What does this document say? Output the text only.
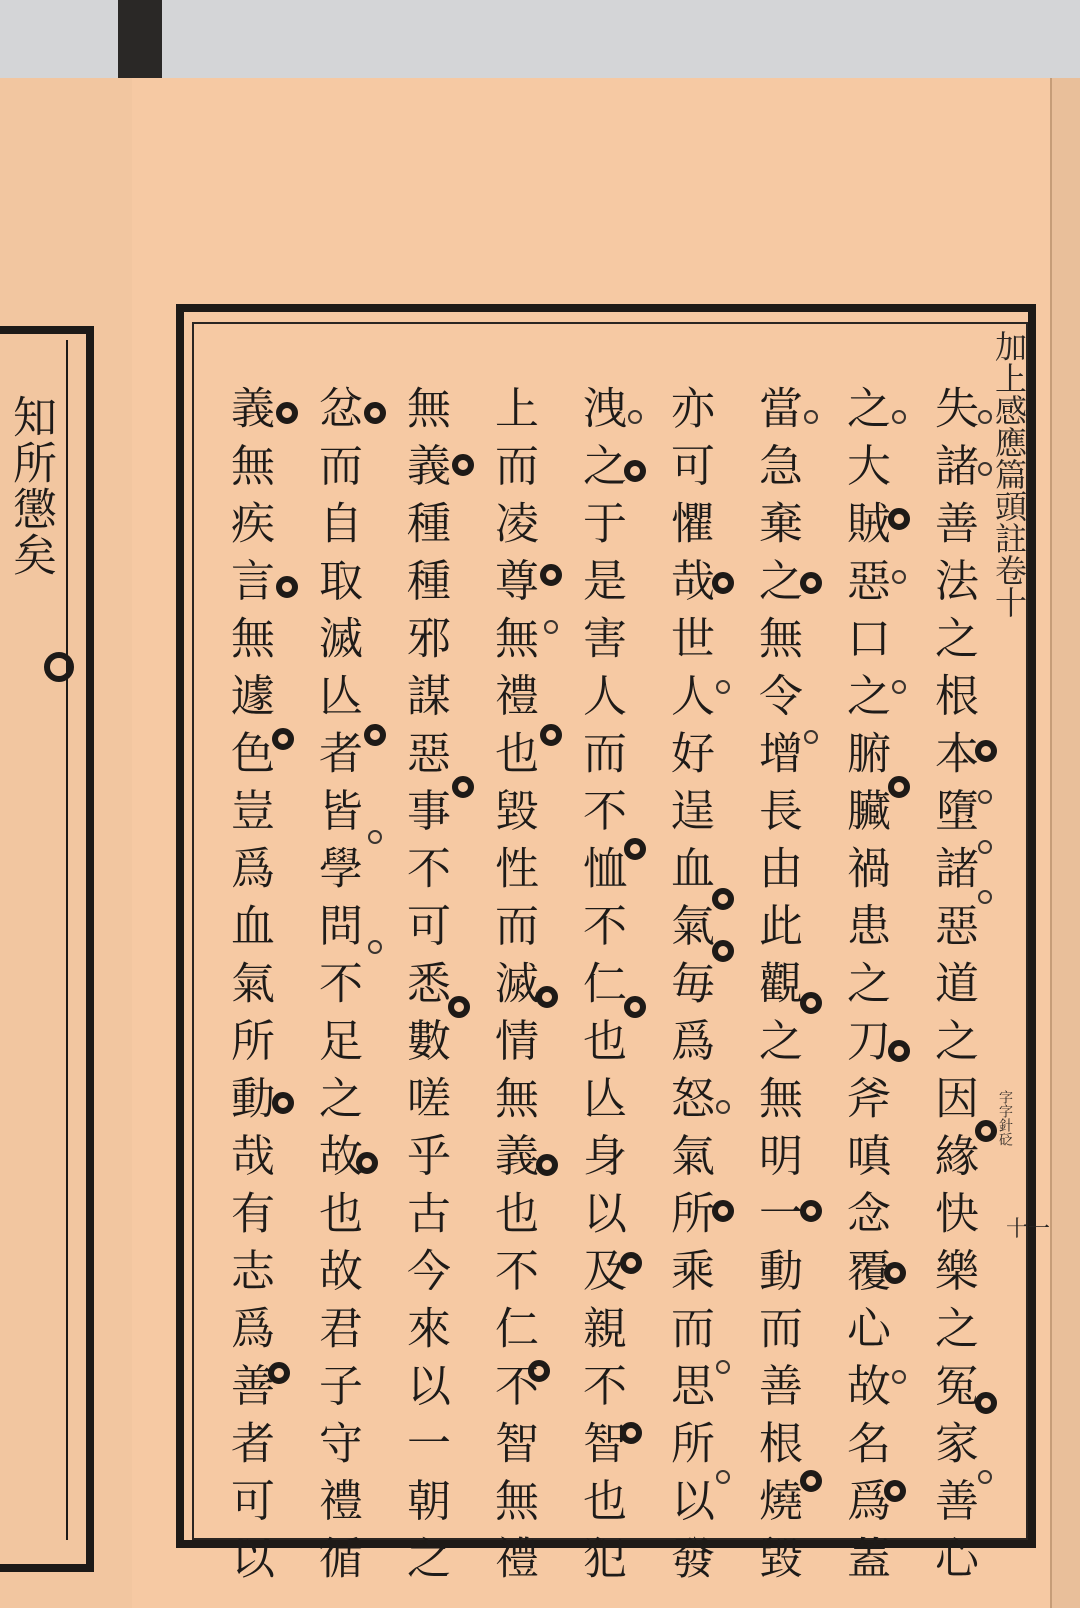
知所懲矣	加上感應篇頭註卷十
字字針砭
失諸善法之根本墮諸惡道之因緣快樂之冤家善心
之大賊惡口之腑臟禍患之刀斧嗔念覆心故名爲蓋
當急棄之無令增長由此觀之無明一動而善根燒毀
亦可懼哉世人好逞血氣毎爲怒氣所乘而思所以發
洩之于是害人而不恤不仁也亾身以及親不智也犯
上而凌尊無禮也毀性而滅情無義也不仁不智無禮
無義種種邪謀惡事不可悉數嗟乎古今來以一朝之
忿而自取滅亾者皆學問不足之故也故君子守禮循
義無疾言無遽色豈爲血氣所動哉有志爲善者可以	十一
